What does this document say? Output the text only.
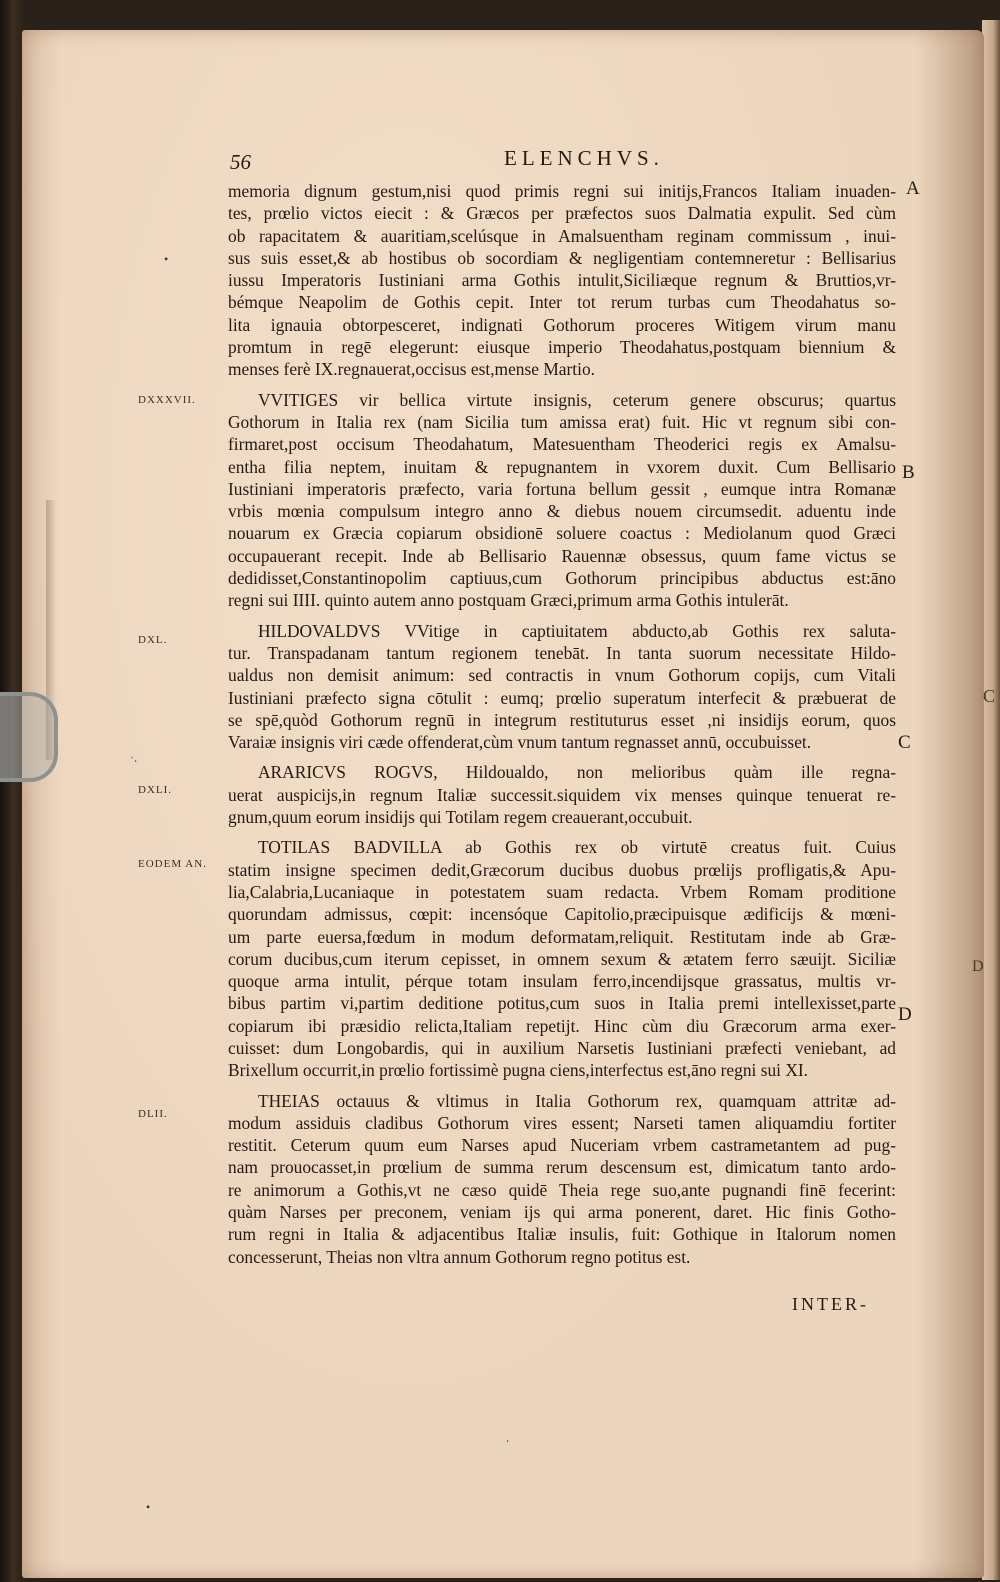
56	ELENCHVS.
memoria dignum gestum,nisi quod primis regni sui initijs,Francos Italiam inuaden-
tes, prœlio victos eiecit : & Græcos per præfectos suos Dalmatia expulit. Sed cùm
ob rapacitatem & auaritiam,scelúsque in Amalsuentham reginam commissum , inui-
sus suis esset,& ab hostibus ob socordiam & negligentiam contemneretur : Bellisarius
iussu Imperatoris Iustiniani arma Gothis intulit,Siciliæque regnum & Bruttios,vr-
bémque Neapolim de Gothis cepit. Inter tot rerum turbas cum Theodahatus so-
lita ignauia obtorpesceret, indignati Gothorum proceres Witigem virum manu
promtum in regē elegerunt: eiusque imperio Theodahatus,postquam biennium &
menses ferè IX.regnauerat,occisus est,mense Martio.
VVITIGES vir bellica virtute insignis, ceterum genere obscurus; quartus
Gothorum in Italia rex (nam Sicilia tum amissa erat) fuit. Hic vt regnum sibi con-
firmaret,post occisum Theodahatum, Matesuentham Theoderici regis ex Amalsu-
entha filia neptem, inuitam & repugnantem in vxorem duxit. Cum Bellisario
Iustiniani imperatoris præfecto, varia fortuna bellum gessit , eumque intra Romanæ
vrbis mœnia compulsum integro anno & diebus nouem circumsedit. aduentu inde
nouarum ex Græcia copiarum obsidionē soluere coactus : Mediolanum quod Græci
occupauerant recepit. Inde ab Bellisario Rauennæ obsessus, quum fame victus se
dedidisset,Constantinopolim captiuus,cum Gothorum principibus abductus est:āno
regni sui IIII. quinto autem anno postquam Græci,primum arma Gothis intulerāt.
HILDOVALDVS VVitige in captiuitatem abducto,ab Gothis rex saluta-
tur. Transpadanam tantum regionem tenebāt. In tanta suorum necessitate Hildo-
ualdus non demisit animum: sed contractis in vnum Gothorum copijs, cum Vitali
Iustiniani præfecto signa cōtulit : eumq; prœlio superatum interfecit & præbuerat de
se spē,quòd Gothorum regnū in integrum restituturus esset ,ni insidijs eorum, quos
Varaiæ insignis viri cæde offenderat,cùm vnum tantum regnasset annū, occubuisset.
ARARICVS ROGVS, Hildoualdo, non melioribus quàm ille regna-
uerat auspicijs,in regnum Italiæ successit.siquidem vix menses quinque tenuerat re-
gnum,quum eorum insidijs qui Totilam regem creauerant,occubuit.
TOTILAS BADVILLA ab Gothis rex ob virtutē creatus fuit. Cuius
statim insigne specimen dedit,Græcorum ducibus duobus prœlijs profligatis,& Apu-
lia,Calabria,Lucaniaque in potestatem suam redacta. Vrbem Romam proditione
quorundam admissus, cœpit: incensóque Capitolio,præcipuisque ædificijs & mœni-
um parte euersa,fœdum in modum deformatam,reliquit. Restitutam inde ab Græ-
corum ducibus,cum iterum cepisset, in omnem sexum & ætatem ferro sæuijt. Siciliæ
quoque arma intulit, pérque totam insulam ferro,incendijsque grassatus, multis vr-
bibus partim vi,partim deditione potitus,cum suos in Italia premi intellexisset,parte
copiarum ibi præsidio relicta,Italiam repetijt. Hinc cùm diu Græcorum arma exer-
cuisset: dum Longobardis, qui in auxilium Narsetis Iustiniani præfecti veniebant, ad
Brixellum occurrit,in prœlio fortissimè pugna ciens,interfectus est,āno regni sui XI.
THEIAS octauus & vltimus in Italia Gothorum rex, quamquam attritæ ad-
modum assiduis cladibus Gothorum vires essent; Narseti tamen aliquamdiu fortiter
restitit. Ceterum quum eum Narses apud Nuceriam vrbem castrametantem ad pug-
nam prouocasset,in prœlium de summa rerum descensum est, dimicatum tanto ardo-
re animorum a Gothis,vt ne cæso quidē Theia rege suo,ante pugnandi finē fecerint:
quàm Narses per preconem, veniam ijs qui arma ponerent, daret. Hic finis Gotho-
rum regni in Italia & adjacentibus Italiæ insulis, fuit: Gothique in Italorum nomen
concesserunt, Theias non vltra annum Gothorum regno potitus est.
DXXXVII.
DXL.
DXLI.
EODEM AN.
DLII.
A
B
C
D
•
ˈ∙
∙
•
INTER-
C
D
